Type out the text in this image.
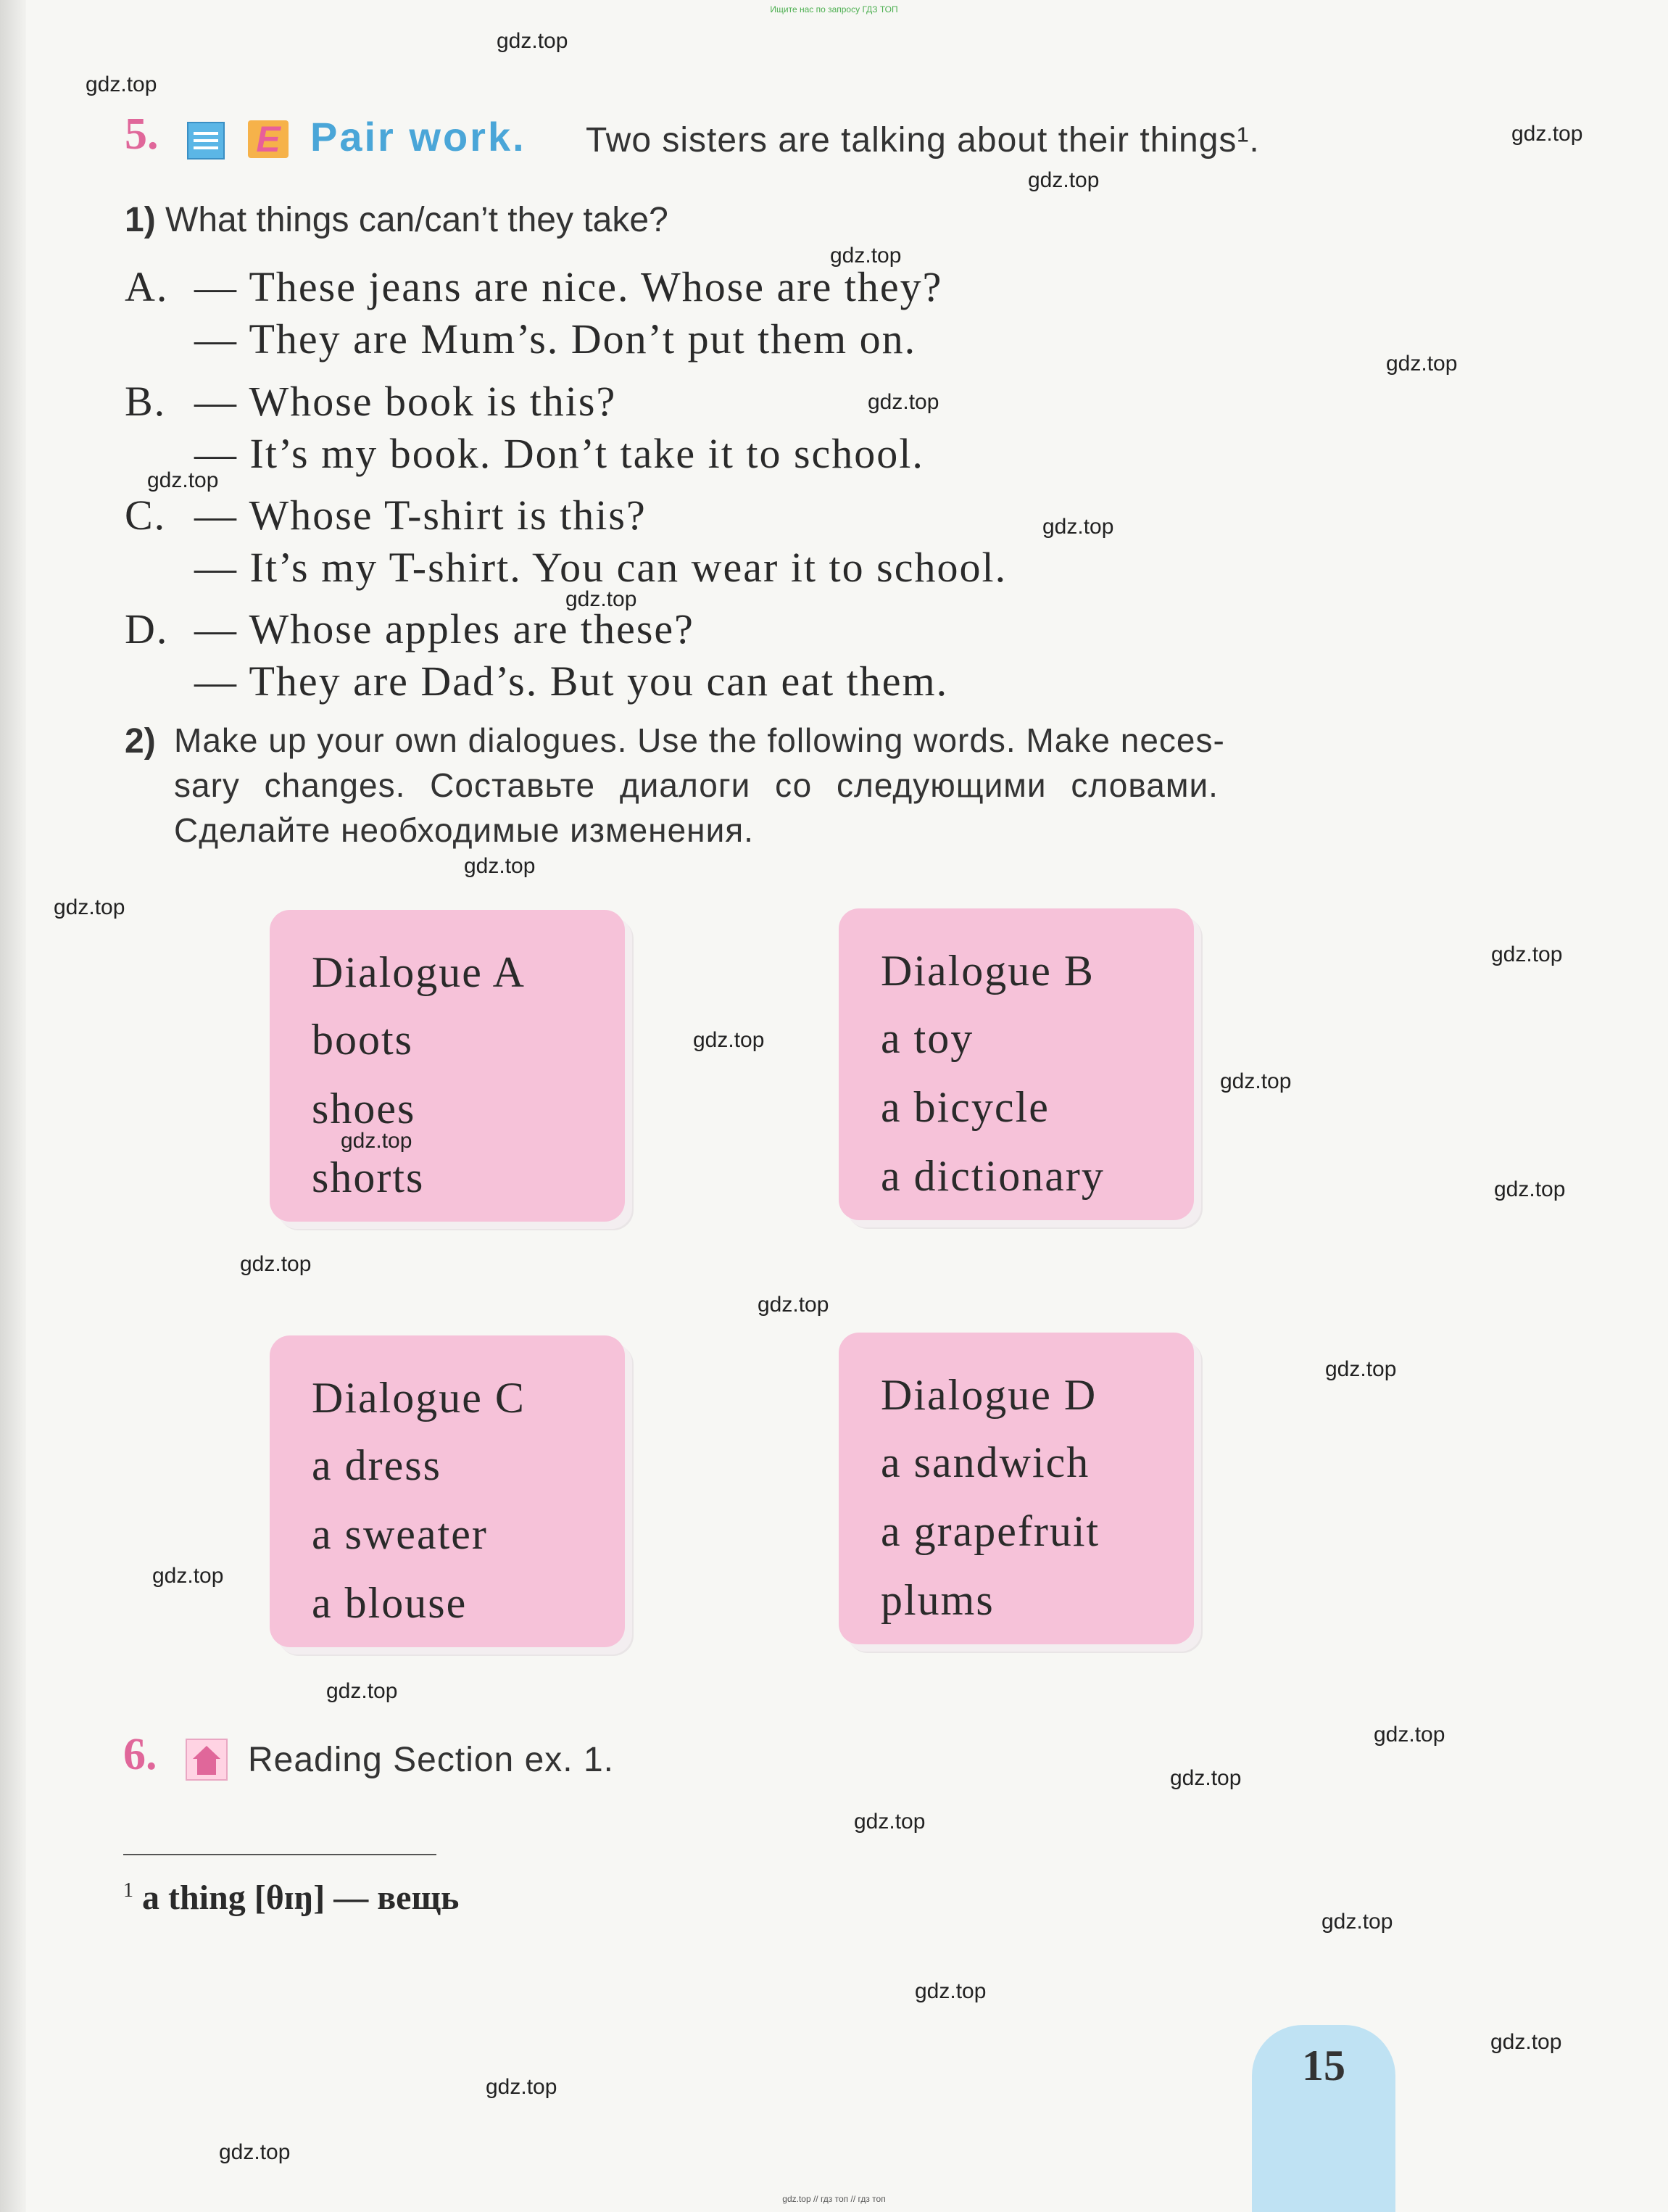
Ищите нас по запросу ГДЗ ТОП
5.	E Pair work. Two sisters are talking about their things¹.
1) What things can/can’t they take?
A. — These jeans are nice. Whose are they?
— They are Mum’s. Don’t put them on.
B. — Whose book is this?
— It’s my book. Don’t take it to school.
C. — Whose T-shirt is this?
— It’s my T-shirt. You can wear it to school.
D. — Whose apples are these?
— They are Dad’s. But you can eat them.
2) Make up your own dialogues. Use the following words. Make neces-
sary changes. Составьте диалоги со следующими словами.
Сделайте необходимые изменения.
Dialogue A
boots
shoes
shorts
Dialogue B
a toy
a bicycle
a dictionary
Dialogue C
a dress
a sweater
a blouse
Dialogue D
a sandwich
a grapefruit
plums
6.	Reading Section ex. 1.
$^1$ a thing [θɪŋ] — вещь
15
gdz.top
gdz.top
gdz.top
gdz.top
gdz.top
gdz.top
gdz.top
gdz.top
gdz.top
gdz.top
gdz.top
gdz.top
gdz.top
gdz.top
gdz.top
gdz.top
gdz.top
gdz.top
gdz.top
gdz.top
gdz.top
gdz.top
gdz.top
gdz.top
gdz.top
gdz.top
gdz.top
gdz.top
gdz.top
gdz.top
gdz.top // гдз топ // гдз топ
